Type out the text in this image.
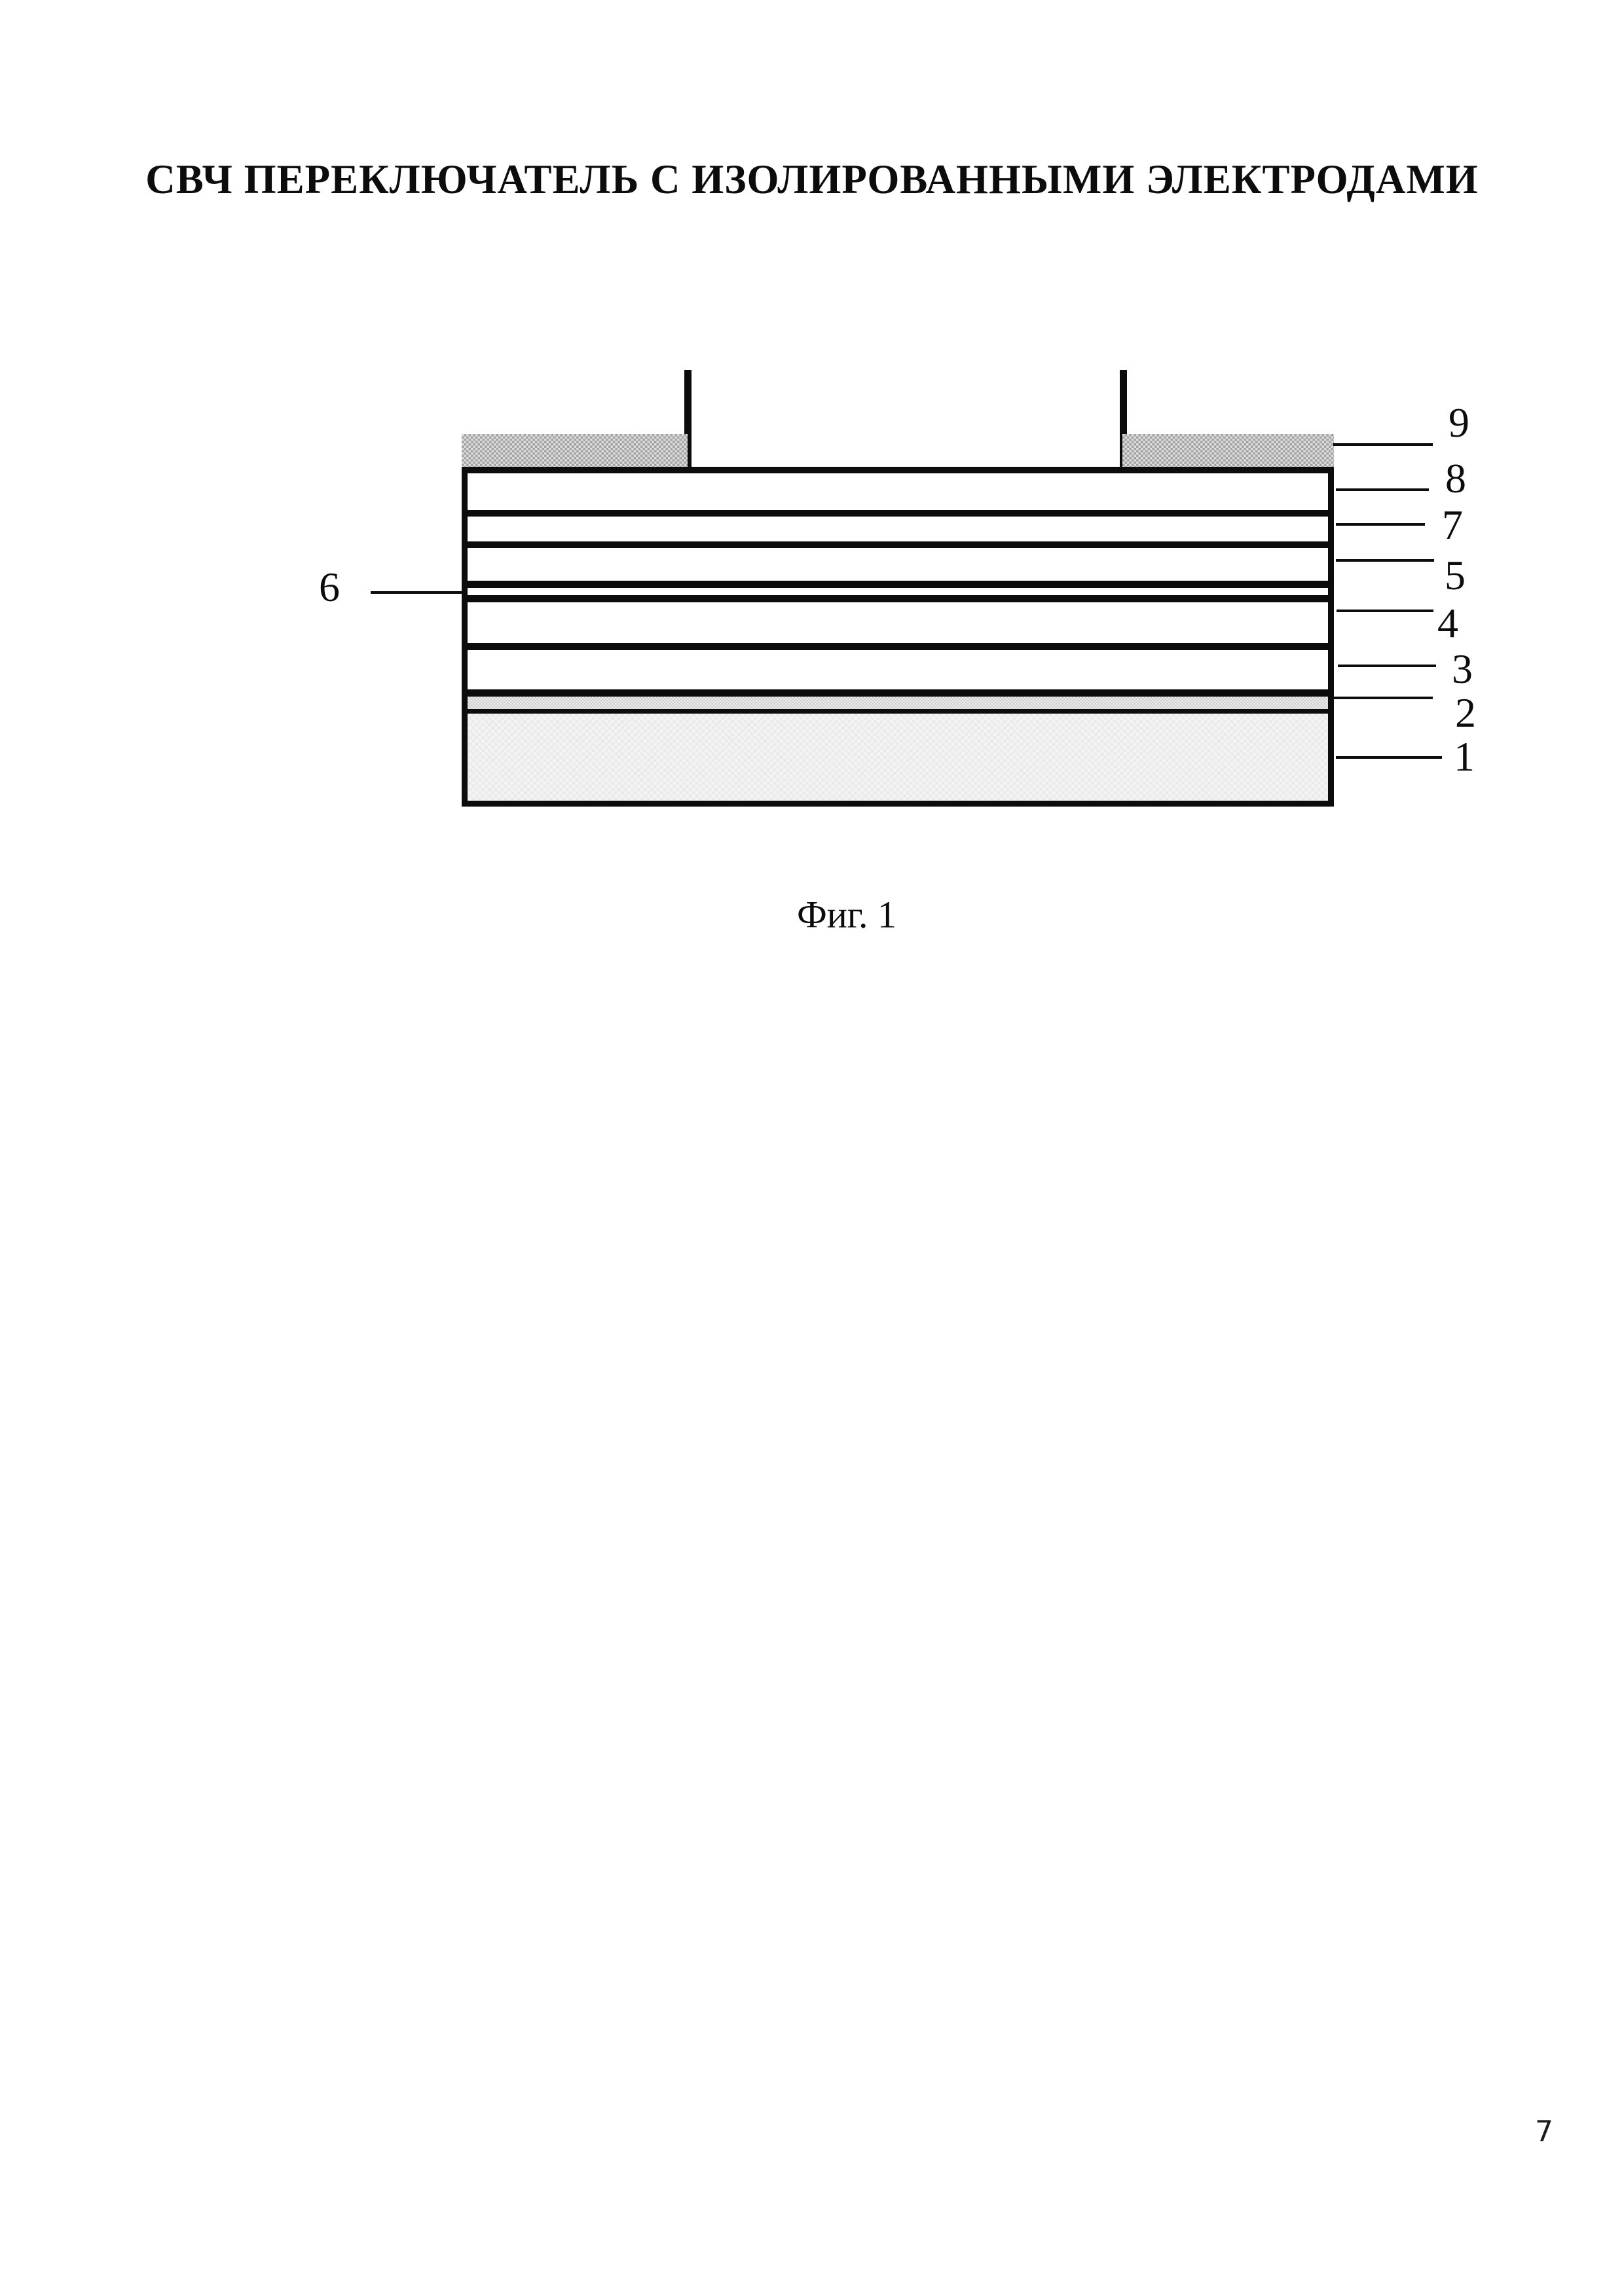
СВЧ ПЕРЕКЛЮЧАТЕЛЬ С ИЗОЛИРОВАННЫМИ ЭЛЕКТРОДАМИ
9
8
7
5
4
3
2
1
6
Фиг. 1
7
